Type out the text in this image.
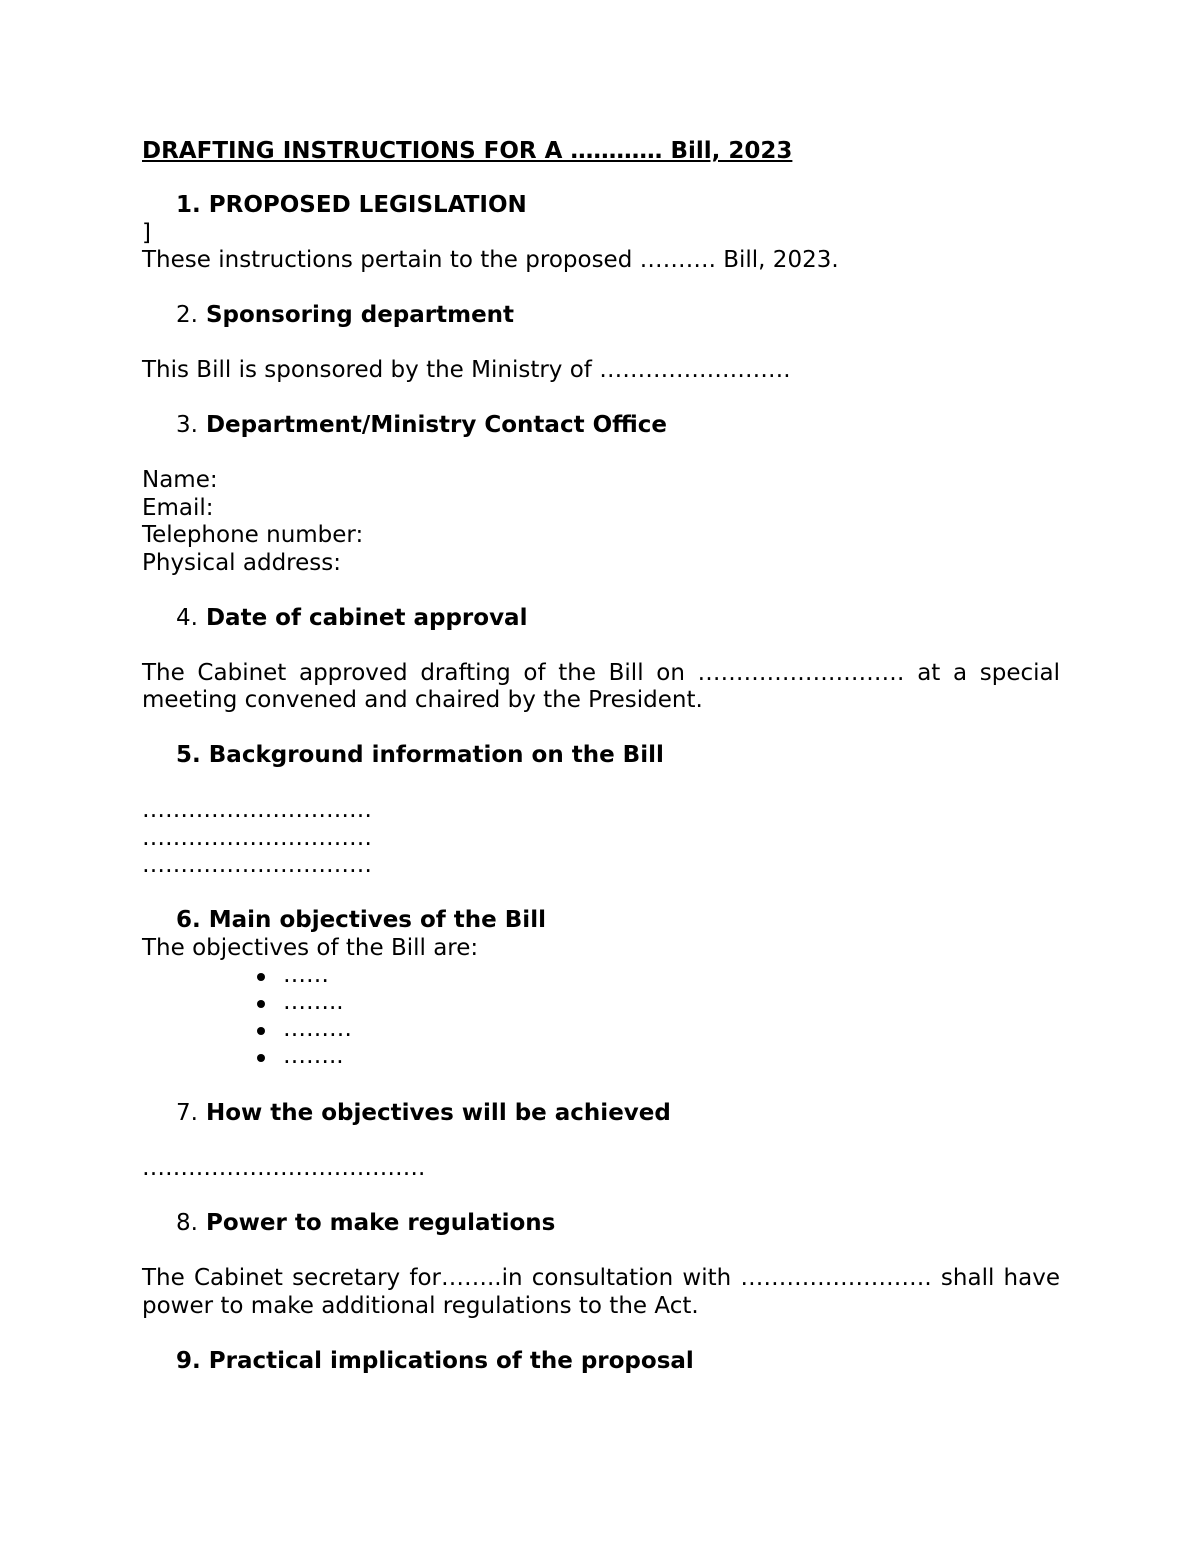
DRAFTING INSTRUCTIONS FOR A ………… Bill, 2023

1. PROPOSED LEGISLATION

]

These instructions pertain to the proposed ………. Bill, 2023.

2. Sponsoring department

This Bill is sponsored by the Ministry of …………………….

3. Department/Ministry Contact Office

Name:

Email:

Telephone number:

Physical address:

4. Date of cabinet approval

The Cabinet approved drafting of the Bill on ……………………… at a special meeting convened and chaired by the President.

5. Background information on the Bill

…………………………

…………………………

…………………………

6. Main objectives of the Bill

The objectives of the Bill are:

……
……..
………
……..

7. How the objectives will be achieved

……………………………….

8. Power to make regulations

The Cabinet secretary for……..in consultation with ……………………. shall have power to make additional regulations to the Act.

9. Practical implications of the proposal
